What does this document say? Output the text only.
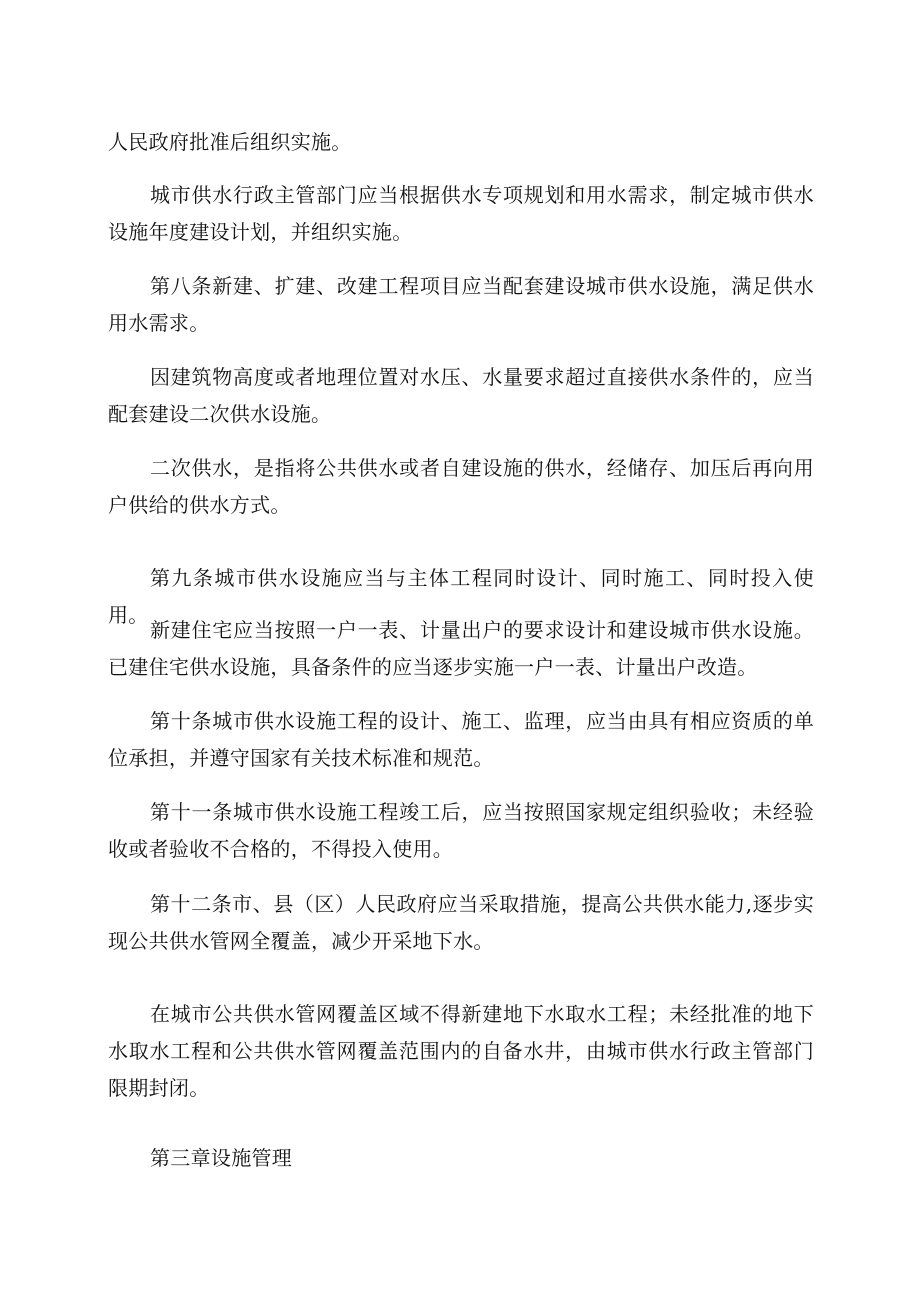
人民政府批准后组织实施。

城市供水行政主管部门应当根据供水专项规划和用水需求，制定城市供水设施年度建设计划，并组织实施。

第八条新建、扩建、改建工程项目应当配套建设城市供水设施，满足供水用水需求。

因建筑物高度或者地理位置对水压、水量要求超过直接供水条件的，应当配套建设二次供水设施。

二次供水，是指将公共供水或者自建设施的供水，经储存、加压后再向用户供给的供水方式。

第九条城市供水设施应当与主体工程同时设计、同时施工、同时投入使用。

新建住宅应当按照一户一表、计量出户的要求设计和建设城市供水设施。已建住宅供水设施，具备条件的应当逐步实施一户一表、计量出户改造。

第十条城市供水设施工程的设计、施工、监理，应当由具有相应资质的单位承担，并遵守国家有关技术标准和规范。

第十一条城市供水设施工程竣工后，应当按照国家规定组织验收；未经验收或者验收不合格的，不得投入使用。

第十二条市、县（区）人民政府应当采取措施，提高公共供水能力,逐步实现公共供水管网全覆盖，减少开采地下水。

在城市公共供水管网覆盖区域不得新建地下水取水工程；未经批准的地下水取水工程和公共供水管网覆盖范围内的自备水井，由城市供水行政主管部门限期封闭。

第三章设施管理
